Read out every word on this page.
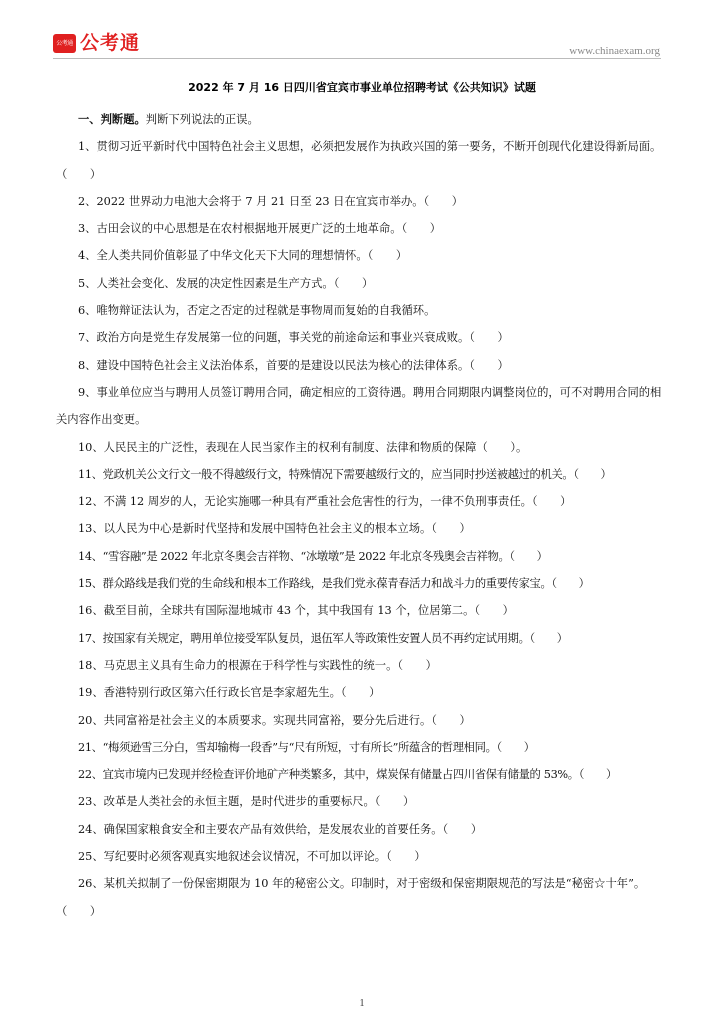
公考通 公考通	www.chinaexam.org
2022 年 7 月 16 日四川省宜宾市事业单位招聘考试《公共知识》试题

一、判断题。判断下列说法的正误。

1、贯彻习近平新时代中国特色社会主义思想，必须把发展作为执政兴国的第一要务，不断开创现代化建设得新局面。（　　）

2、2022 世界动力电池大会将于 7 月 21 日至 23 日在宜宾市举办。（　　）

3、古田会议的中心思想是在农村根据地开展更广泛的土地革命。（　　）

4、全人类共同价值彰显了中华文化天下大同的理想情怀。（　　）

5、人类社会变化、发展的决定性因素是生产方式。（　　）

6、唯物辩证法认为，否定之否定的过程就是事物周而复始的自我循环。

7、政治方向是党生存发展第一位的问题，事关党的前途命运和事业兴衰成败。（　　）

8、建设中国特色社会主义法治体系，首要的是建设以民法为核心的法律体系。（　　）

9、事业单位应当与聘用人员签订聘用合同，确定相应的工资待遇。聘用合同期限内调整岗位的，可不对聘用合同的相关内容作出变更。

10、人民民主的广泛性，表现在人民当家作主的权利有制度、法律和物质的保障（　　）。

11、党政机关公文行文一般不得越级行文，特殊情况下需要越级行文的，应当同时抄送被越过的机关。（　　）

12、不满 12 周岁的人，无论实施哪一种具有严重社会危害性的行为，一律不负刑事责任。（　　）

13、以人民为中心是新时代坚持和发展中国特色社会主义的根本立场。（　　）

14、“雪容融”是 2022 年北京冬奥会吉祥物、“冰墩墩”是 2022 年北京冬残奥会吉祥物。（　　）

15、群众路线是我们党的生命线和根本工作路线，是我们党永葆青春活力和战斗力的重要传家宝。（　　）

16、截至目前，全球共有国际湿地城市 43 个，其中我国有 13 个，位居第二。（　　）

17、按国家有关规定，聘用单位接受军队复员，退伍军人等政策性安置人员不再约定试用期。（　　）

18、马克思主义具有生命力的根源在于科学性与实践性的统一。（　　）

19、香港特别行政区第六任行政长官是李家超先生。（　　）

20、共同富裕是社会主义的本质要求。实现共同富裕，要分先后进行。（　　）

21、“梅须逊雪三分白，雪却输梅一段香”与“尺有所短，寸有所长”所蕴含的哲理相同。（　　）

22、宜宾市境内已发现并经检查评价地矿产种类繁多，其中，煤炭保有储量占四川省保有储量的 53%。（　　）

23、改革是人类社会的永恒主题，是时代进步的重要标尺。（　　）

24、确保国家粮食安全和主要农产品有效供给，是发展农业的首要任务。（　　）

25、写纪要时必须客观真实地叙述会议情况，不可加以评论。（　　）

26、某机关拟制了一份保密期限为 10 年的秘密公文。印制时，对于密级和保密期限规范的写法是“秘密☆十年”。（　　）

1
